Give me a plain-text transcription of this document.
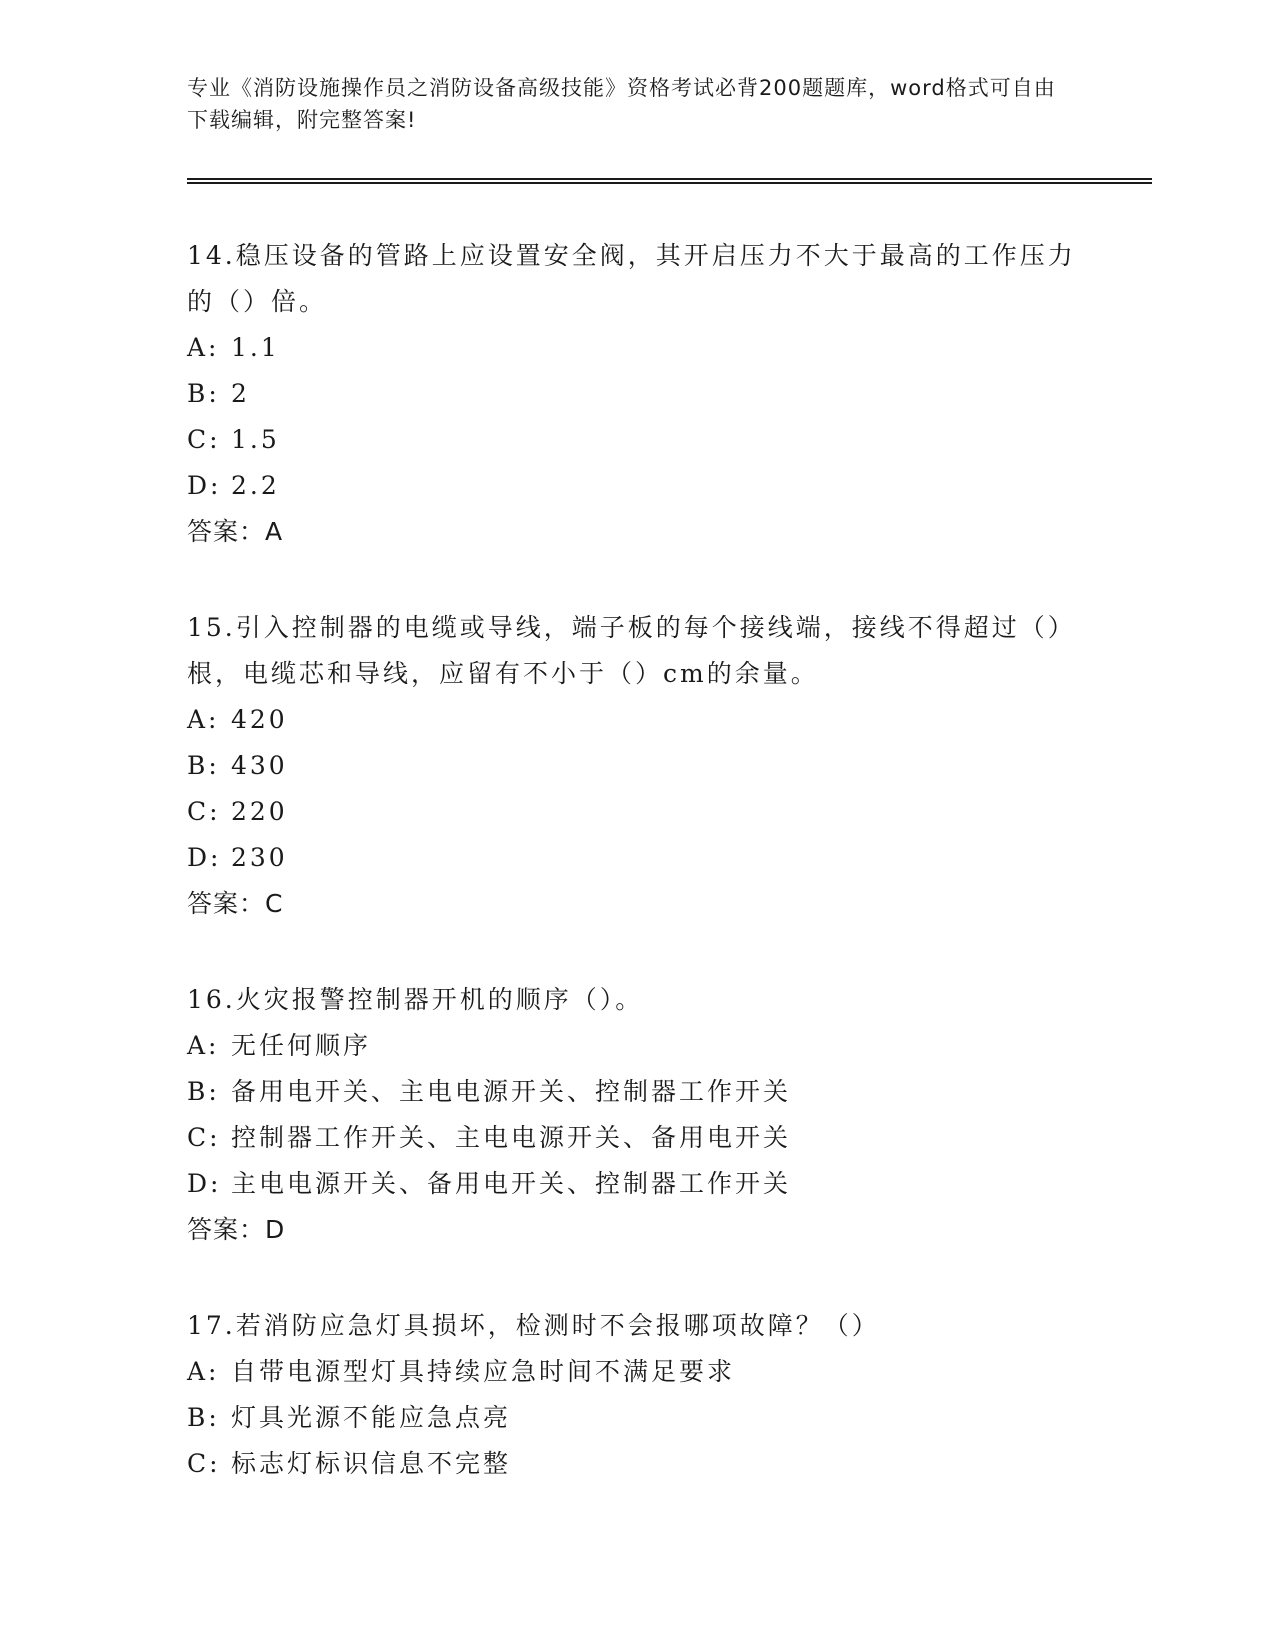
专业《消防设施操作员之消防设备高级技能》资格考试必背200题题库，word格式可自由下载编辑，附完整答案!

14.稳压设备的管路上应设置安全阀，其开启压力不大于最高的工作压力的（）倍。

A: 1.1

B: 2

C: 1.5

D: 2.2

答案：A

15.引入控制器的电缆或导线，端子板的每个接线端，接线不得超过（）根，电缆芯和导线，应留有不小于（）cm的余量。

A: 420

B: 430

C: 220

D: 230

答案：C

16.火灾报警控制器开机的顺序（）。

A: 无任何顺序

B: 备用电开关、主电电源开关、控制器工作开关

C: 控制器工作开关、主电电源开关、备用电开关

D: 主电电源开关、备用电开关、控制器工作开关

答案：D

17.若消防应急灯具损坏，检测时不会报哪项故障？（）

A: 自带电源型灯具持续应急时间不满足要求

B: 灯具光源不能应急点亮

C: 标志灯标识信息不完整
